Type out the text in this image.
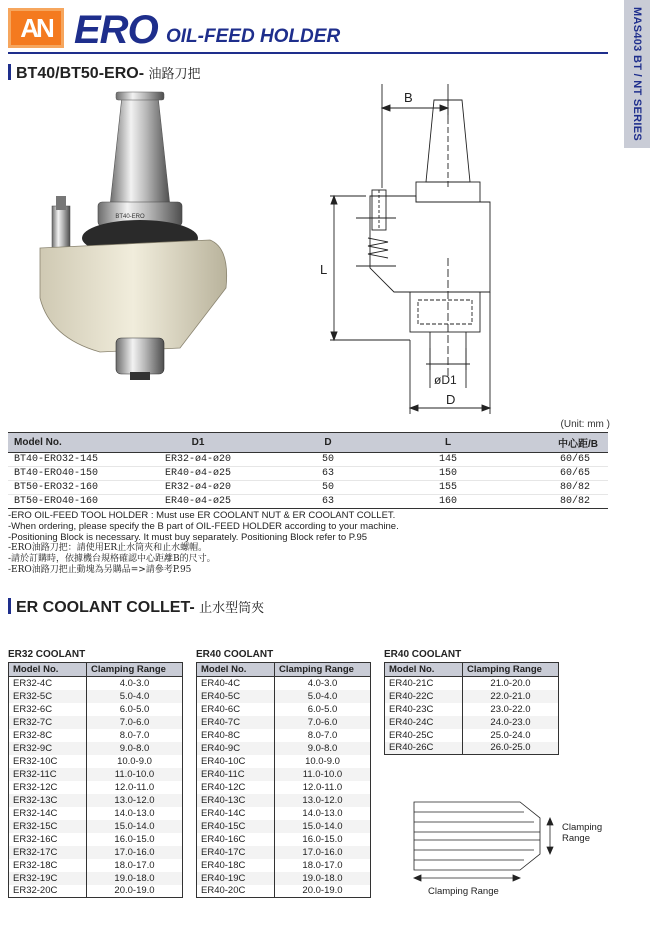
AN ERO OIL-FEED HOLDER	MAS403 BT / NT SERIES
BT40/BT50-ERO- 油路刀把
BT40-ERO
B
L
øD1
D
(Unit: mm )
Model No.	D1	D	L	中心距/B
BT40-ERO32-145	ER32-ø4-ø20	50	145	60/65
BT40-ERO40-150	ER40-ø4-ø25	63	150	60/65
BT50-ERO32-160	ER32-ø4-ø20	50	155	80/82
BT50-ERO40-160	ER40-ø4-ø25	63	160	80/82
-ERO OIL-FEED TOOL HOLDER : Must use ER COOLANT NUT & ER COOLANT COLLET.
-When ordering, please specify the B part of OIL-FEED HOLDER according to your machine.
-Positioning Block is necessary. It must buy separately. Positioning Block refer to P.95
-ERO油路刀把：請使用ER止水筒夾和止水螺帽。
-請於訂購時，依據機台規格確認中心距離B的尺寸。
-ERO油路刀把止動塊為另購品=>請參考P.95
ER COOLANT COLLET- 止水型筒夾
ER32 COOLANT
Model No.	Clamping Range
ER32-4C	4.0-3.0
ER32-5C	5.0-4.0
ER32-6C	6.0-5.0
ER32-7C	7.0-6.0
ER32-8C	8.0-7.0
ER32-9C	9.0-8.0
ER32-10C	10.0-9.0
ER32-11C	11.0-10.0
ER32-12C	12.0-11.0
ER32-13C	13.0-12.0
ER32-14C	14.0-13.0
ER32-15C	15.0-14.0
ER32-16C	16.0-15.0
ER32-17C	17.0-16.0
ER32-18C	18.0-17.0
ER32-19C	19.0-18.0
ER32-20C	20.0-19.0
ER40 COOLANT
Model No.	Clamping Range
ER40-4C	4.0-3.0
ER40-5C	5.0-4.0
ER40-6C	6.0-5.0
ER40-7C	7.0-6.0
ER40-8C	8.0-7.0
ER40-9C	9.0-8.0
ER40-10C	10.0-9.0
ER40-11C	11.0-10.0
ER40-12C	12.0-11.0
ER40-13C	13.0-12.0
ER40-14C	14.0-13.0
ER40-15C	15.0-14.0
ER40-16C	16.0-15.0
ER40-17C	17.0-16.0
ER40-18C	18.0-17.0
ER40-19C	19.0-18.0
ER40-20C	20.0-19.0
ER40 COOLANT
Model No.	Clamping Range
ER40-21C	21.0-20.0
ER40-22C	22.0-21.0
ER40-23C	23.0-22.0
ER40-24C	24.0-23.0
ER40-25C	25.0-24.0
ER40-26C	26.0-25.0
Clamping Range
Clamping Range
